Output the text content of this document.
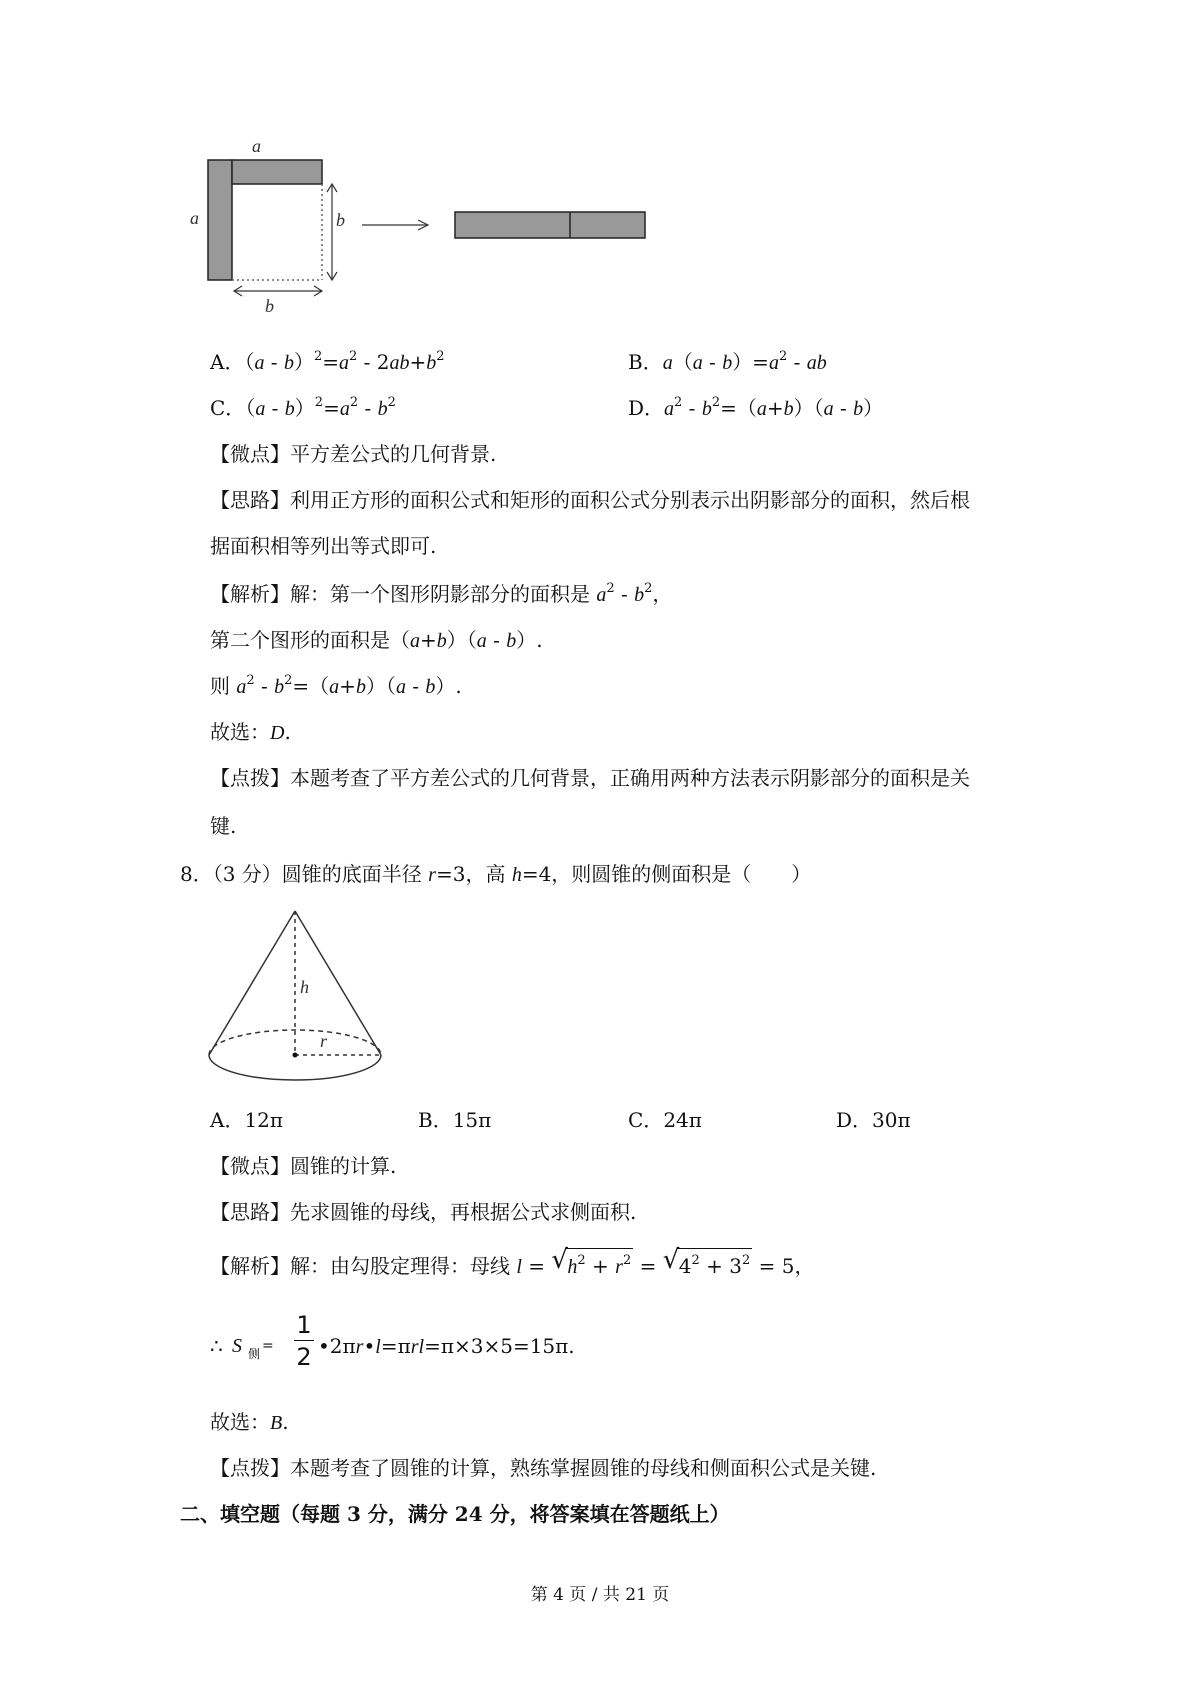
a
a	b
b
A．$(a - b)^2=a^2 - 2ab+b^2$	B．$a(a - b)=a^2$ - ab
C．$(a - b)^2=a^2 - b^2$	D．$a^2 - b^2=(a+b)(a - b)$
【微点】平方差公式的几何背景.
【思路】利用正方形的面积公式和矩形的面积公式分别表示出阴影部分的面积，然后根
据面积相等列出等式即可.
【解析】解：第一个图形阴影部分的面积是 $a^2 - b^2$，
第二个图形的面积是（a+b）（a - b）.
则 $a^2 - b^2=(a+b)(a - b)$.
故选：D.
【点拨】本题考查了平方差公式的几何背景，正确用两种方法表示阴影部分的面积是关
键.
8．（3 分）圆锥的底面半径 r=3，高 h=4，则圆锥的侧面积是（　　）
h
r
A．12π	B．15π	C．24π	D．30π
【微点】圆锥的计算.
【思路】先求圆锥的母线，再根据公式求侧面积.
【解析】解：由勾股定理得：母线 l = √ $h^2 + r^2$ = √ $4^2 + 3^2 = 5$，
∴ S 侧 =
1
2 •2πr•l=πrl=π×3×5=15π.
故选：B.
【点拨】本题考查了圆锥的计算，熟练掌握圆锥的母线和侧面积公式是关键.
二、填空题（每题 3 分，满分 24 分，将答案填在答题纸上）
第 4 页 / 共 21 页
